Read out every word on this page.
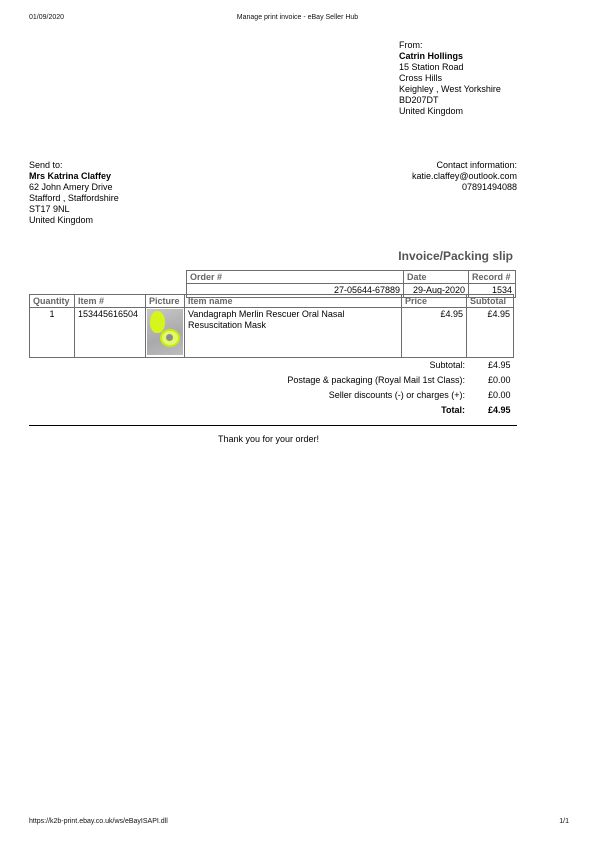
01/09/2020	Manage print invoice - eBay Seller Hub
From:
Catrin Hollings
15 Station Road
Cross Hills
Keighley , West Yorkshire
BD207DT
United Kingdom
Send to:
Mrs Katrina Claffey
62 John Amery Drive
Stafford , Staffordshire
ST17 9NL
United Kingdom
Contact information:
katie.claffey@outlook.com
07891494088
Invoice/Packing slip
Order #	Date	Record #
27-05644-67889	29-Aug-2020	1534
Quantity	Item #	Picture	Item name	Price	Subtotal
1	153445616504		Vandagraph Merlin Rescuer Oral Nasal
Resuscitation Mask	£4.95	£4.95
Subtotal:	£4.95
Postage & packaging (Royal Mail 1st Class):	£0.00
Seller discounts (-) or charges (+):	£0.00
Total:	£4.95
Thank you for your order!
https://k2b-print.ebay.co.uk/ws/eBayISAPI.dll	1/1
